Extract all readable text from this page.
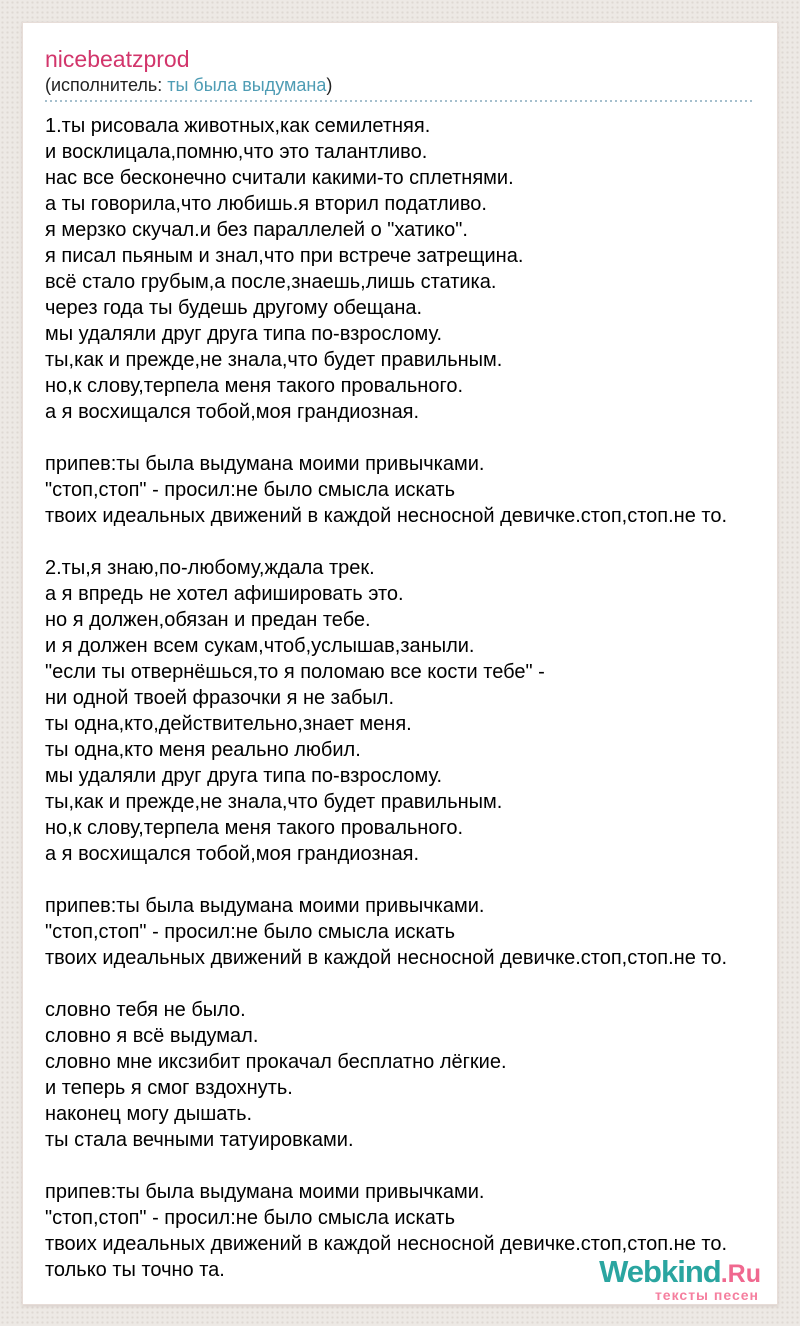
nicebeatzprod
(исполнитель: ты была выдумана)

1.ты рисовала животных,как семилетняя.
и восклицала,помню,что это талантливо.
нас все бесконечно считали какими-то сплетнями.
а ты говорила,что любишь.я вторил податливо.
я мерзко скучал.и без параллелей о "хатико".
я писал пьяным и знал,что при встрече затрещина.
всё стало грубым,а после,знаешь,лишь статика.
через года ты будешь другому обещана.
мы удаляли друг друга типа по-взрослому.
ты,как и прежде,не знала,что будет правильным.
но,к слову,терпела меня такого провального.
а я восхищался тобой,моя грандиозная.

припев:ты была выдумана моими привычками.
"стоп,стоп" - просил:не было смысла искать
твоих идеальных движений в каждой несносной девичке.стоп,стоп.не то.

2.ты,я знаю,по-любому,ждала трек.
а я впредь не хотел афишировать это.
но я должен,обязан и предан тебе.
и я должен всем сукам,чтоб,услышав,заныли.
"если ты отвернёшься,то я поломаю все кости тебе" -
ни одной твоей фразочки я не забыл.
ты одна,кто,действительно,знает меня.
ты одна,кто меня реально любил.
мы удаляли друг друга типа по-взрослому.
ты,как и прежде,не знала,что будет правильным.
но,к слову,терпела меня такого провального.
а я восхищался тобой,моя грандиозная.

припев:ты была выдумана моими привычками.
"стоп,стоп" - просил:не было смысла искать
твоих идеальных движений в каждой несносной девичке.стоп,стоп.не то.

словно тебя не было.
словно я всё выдумал.
словно мне иксзибит прокачал бесплатно лёгкие.
и теперь я смог вздохнуть.
наконец могу дышать.
ты стала вечными татуировками.

припев:ты была выдумана моими привычками.
"стоп,стоп" - просил:не было смысла искать
твоих идеальных движений в каждой несносной девичке.стоп,стоп.не то.
только ты точно та.	Webkind.Ru
тексты песен
